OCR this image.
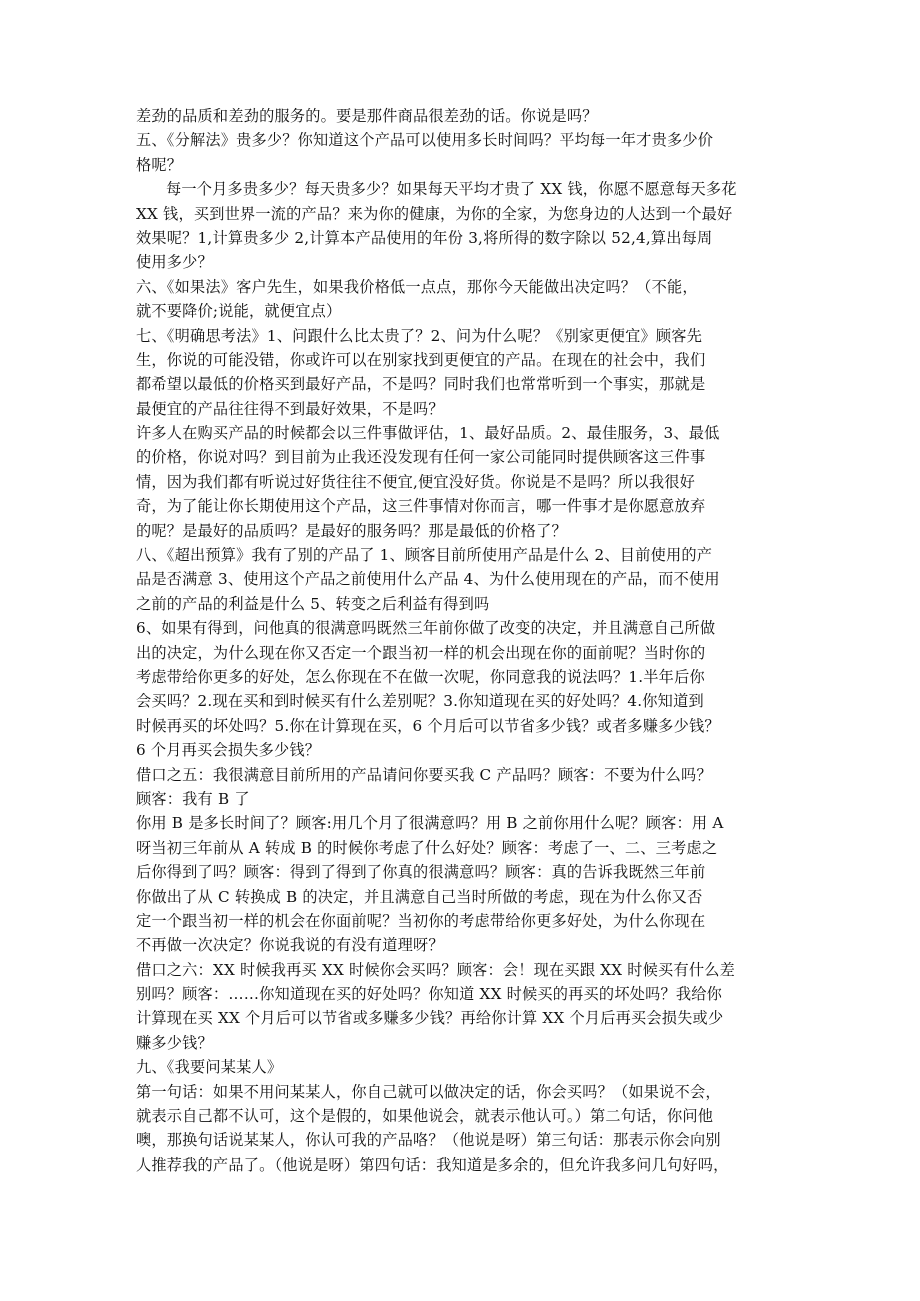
差劲的品质和差劲的服务的。要是那件商品很差劲的话。你说是吗？
五、《分解法》贵多少？你知道这个产品可以使用多长时间吗？平均每一年才贵多少价
格呢？
每一个月多贵多少？每天贵多少？如果每天平均才贵了 XX 钱，你愿不愿意每天多花
XX 钱，买到世界一流的产品？来为你的健康，为你的全家，为您身边的人达到一个最好
效果呢？1,计算贵多少 2,计算本产品使用的年份 3,将所得的数字除以 52,4,算出每周
使用多少？
六、《如果法》客户先生，如果我价格低一点点，那你今天能做出决定吗？（不能，
就不要降价;说能，就便宜点）
七、《明确思考法》1、问跟什么比太贵了？2、问为什么呢？《别家更便宜》顾客先
生，你说的可能没错，你或许可以在别家找到更便宜的产品。在现在的社会中，我们
都希望以最低的价格买到最好产品，不是吗？同时我们也常常听到一个事实，那就是
最便宜的产品往往得不到最好效果，不是吗？
许多人在购买产品的时候都会以三件事做评估，1、最好品质。2、最佳服务，3、最低
的价格，你说对吗？到目前为止我还没发现有任何一家公司能同时提供顾客这三件事
情，因为我们都有听说过好货往往不便宜,便宜没好货。你说是不是吗？所以我很好
奇，为了能让你长期使用这个产品，这三件事情对你而言，哪一件事才是你愿意放弃
的呢？是最好的品质吗？是最好的服务吗？那是最低的价格了？
八、《超出预算》我有了别的产品了 1、顾客目前所使用产品是什么 2、目前使用的产
品是否满意 3、使用这个产品之前使用什么产品 4、为什么使用现在的产品，而不使用
之前的产品的利益是什么 5、转变之后利益有得到吗
6、如果有得到，问他真的很满意吗既然三年前你做了改变的决定，并且满意自己所做
出的决定，为什么现在你又否定一个跟当初一样的机会出现在你的面前呢？当时你的
考虑带给你更多的好处，怎么你现在不在做一次呢，你同意我的说法吗？1.半年后你
会买吗？2.现在买和到时候买有什么差别呢？3.你知道现在买的好处吗？4.你知道到
时候再买的坏处吗？5.你在计算现在买，6 个月后可以节省多少钱？或者多赚多少钱？
6 个月再买会损失多少钱？
借口之五：我很满意目前所用的产品请问你要买我 C 产品吗？顾客：不要为什么吗？
顾客：我有 B 了
你用 B 是多长时间了？顾客:用几个月了很满意吗？用 B 之前你用什么呢？顾客：用 A
呀当初三年前从 A 转成 B 的时候你考虑了什么好处？顾客：考虑了一、二、三考虑之
后你得到了吗？顾客：得到了得到了你真的很满意吗？顾客：真的告诉我既然三年前
你做出了从 C 转换成 B 的决定，并且满意自己当时所做的考虑，现在为什么你又否
定一个跟当初一样的机会在你面前呢？当初你的考虑带给你更多好处，为什么你现在
不再做一次决定？你说我说的有没有道理呀？
借口之六：XX 时候我再买 XX 时候你会买吗？顾客：会！现在买跟 XX 时候买有什么差
别吗？顾客：……你知道现在买的好处吗？你知道 XX 时候买的再买的坏处吗？我给你
计算现在买 XX 个月后可以节省或多赚多少钱？再给你计算 XX 个月后再买会损失或少
赚多少钱？
九、《我要问某某人》
第一句话：如果不用问某某人，你自己就可以做决定的话，你会买吗？（如果说不会，
就表示自己都不认可，这个是假的，如果他说会，就表示他认可。）第二句话，你问他
噢，那换句话说某某人，你认可我的产品咯？（他说是呀）第三句话：那表示你会向别
人推荐我的产品了。（他说是呀）第四句话：我知道是多余的，但允许我多问几句好吗，
